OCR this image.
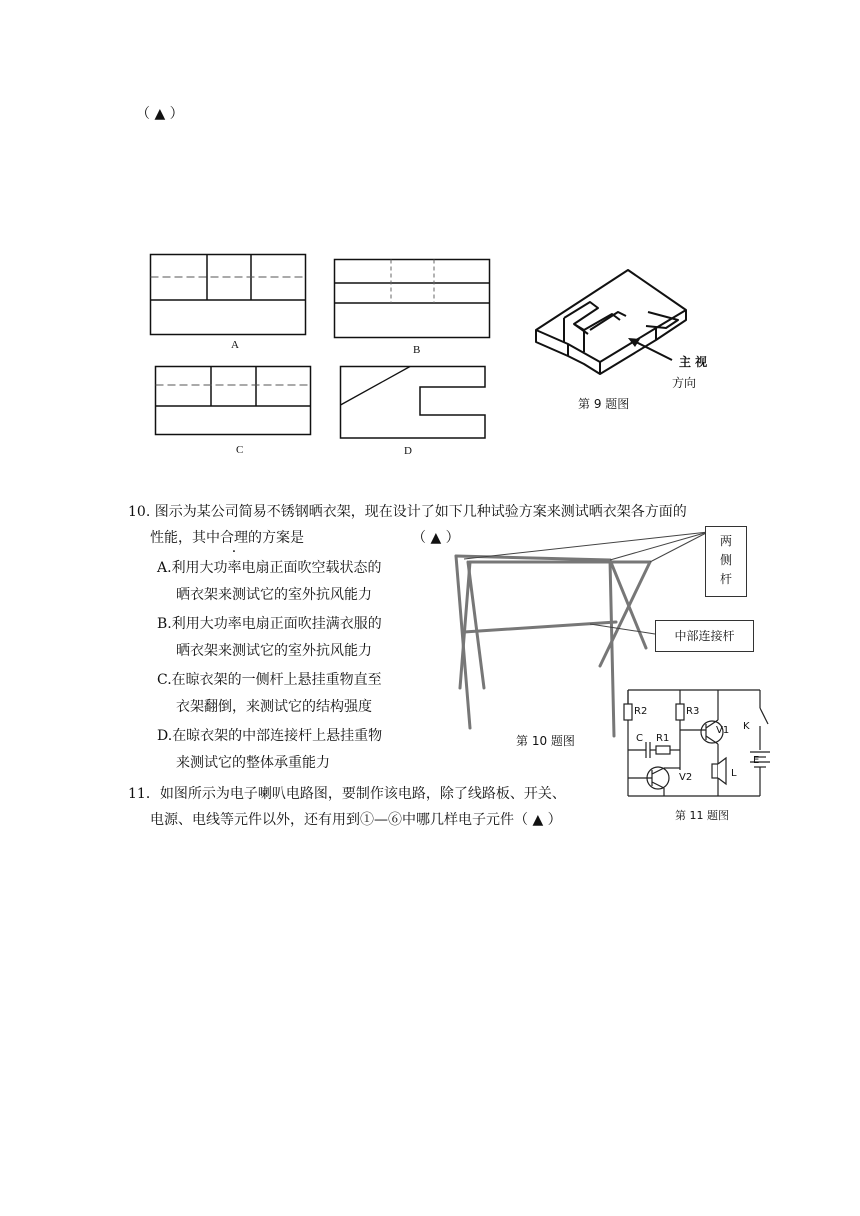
（ ▲ ）
A	B
C	D
主 视
方向
第 9 题图
10. 图示为某公司简易不锈钢晒衣架，现在设计了如下几种试验方案来测试晒衣架各方面的
性能，其中合理的方案是	（ ▲ ）
A.利用大功率电扇正面吹空载状态的
晒衣架来测试它的室外抗风能力
B.利用大功率电扇正面吹挂满衣服的
晒衣架来测试它的室外抗风能力
C.在晾衣架的一侧杆上悬挂重物直至
衣架翻倒，来测试它的结构强度
D.在晾衣架的中部连接杆上悬挂重物
来测试它的整体承重能力
两
侧
杆
中部连接杆
第 10 题图
11．如图所示为电子喇叭电路图，要制作该电路，除了线路板、开关、
电源、电线等元件以外，还有用到①—⑥中哪几样电子元件（ ▲ ）
R2	R3
V1 K
C R1
V2	L
E
第 11 题图
